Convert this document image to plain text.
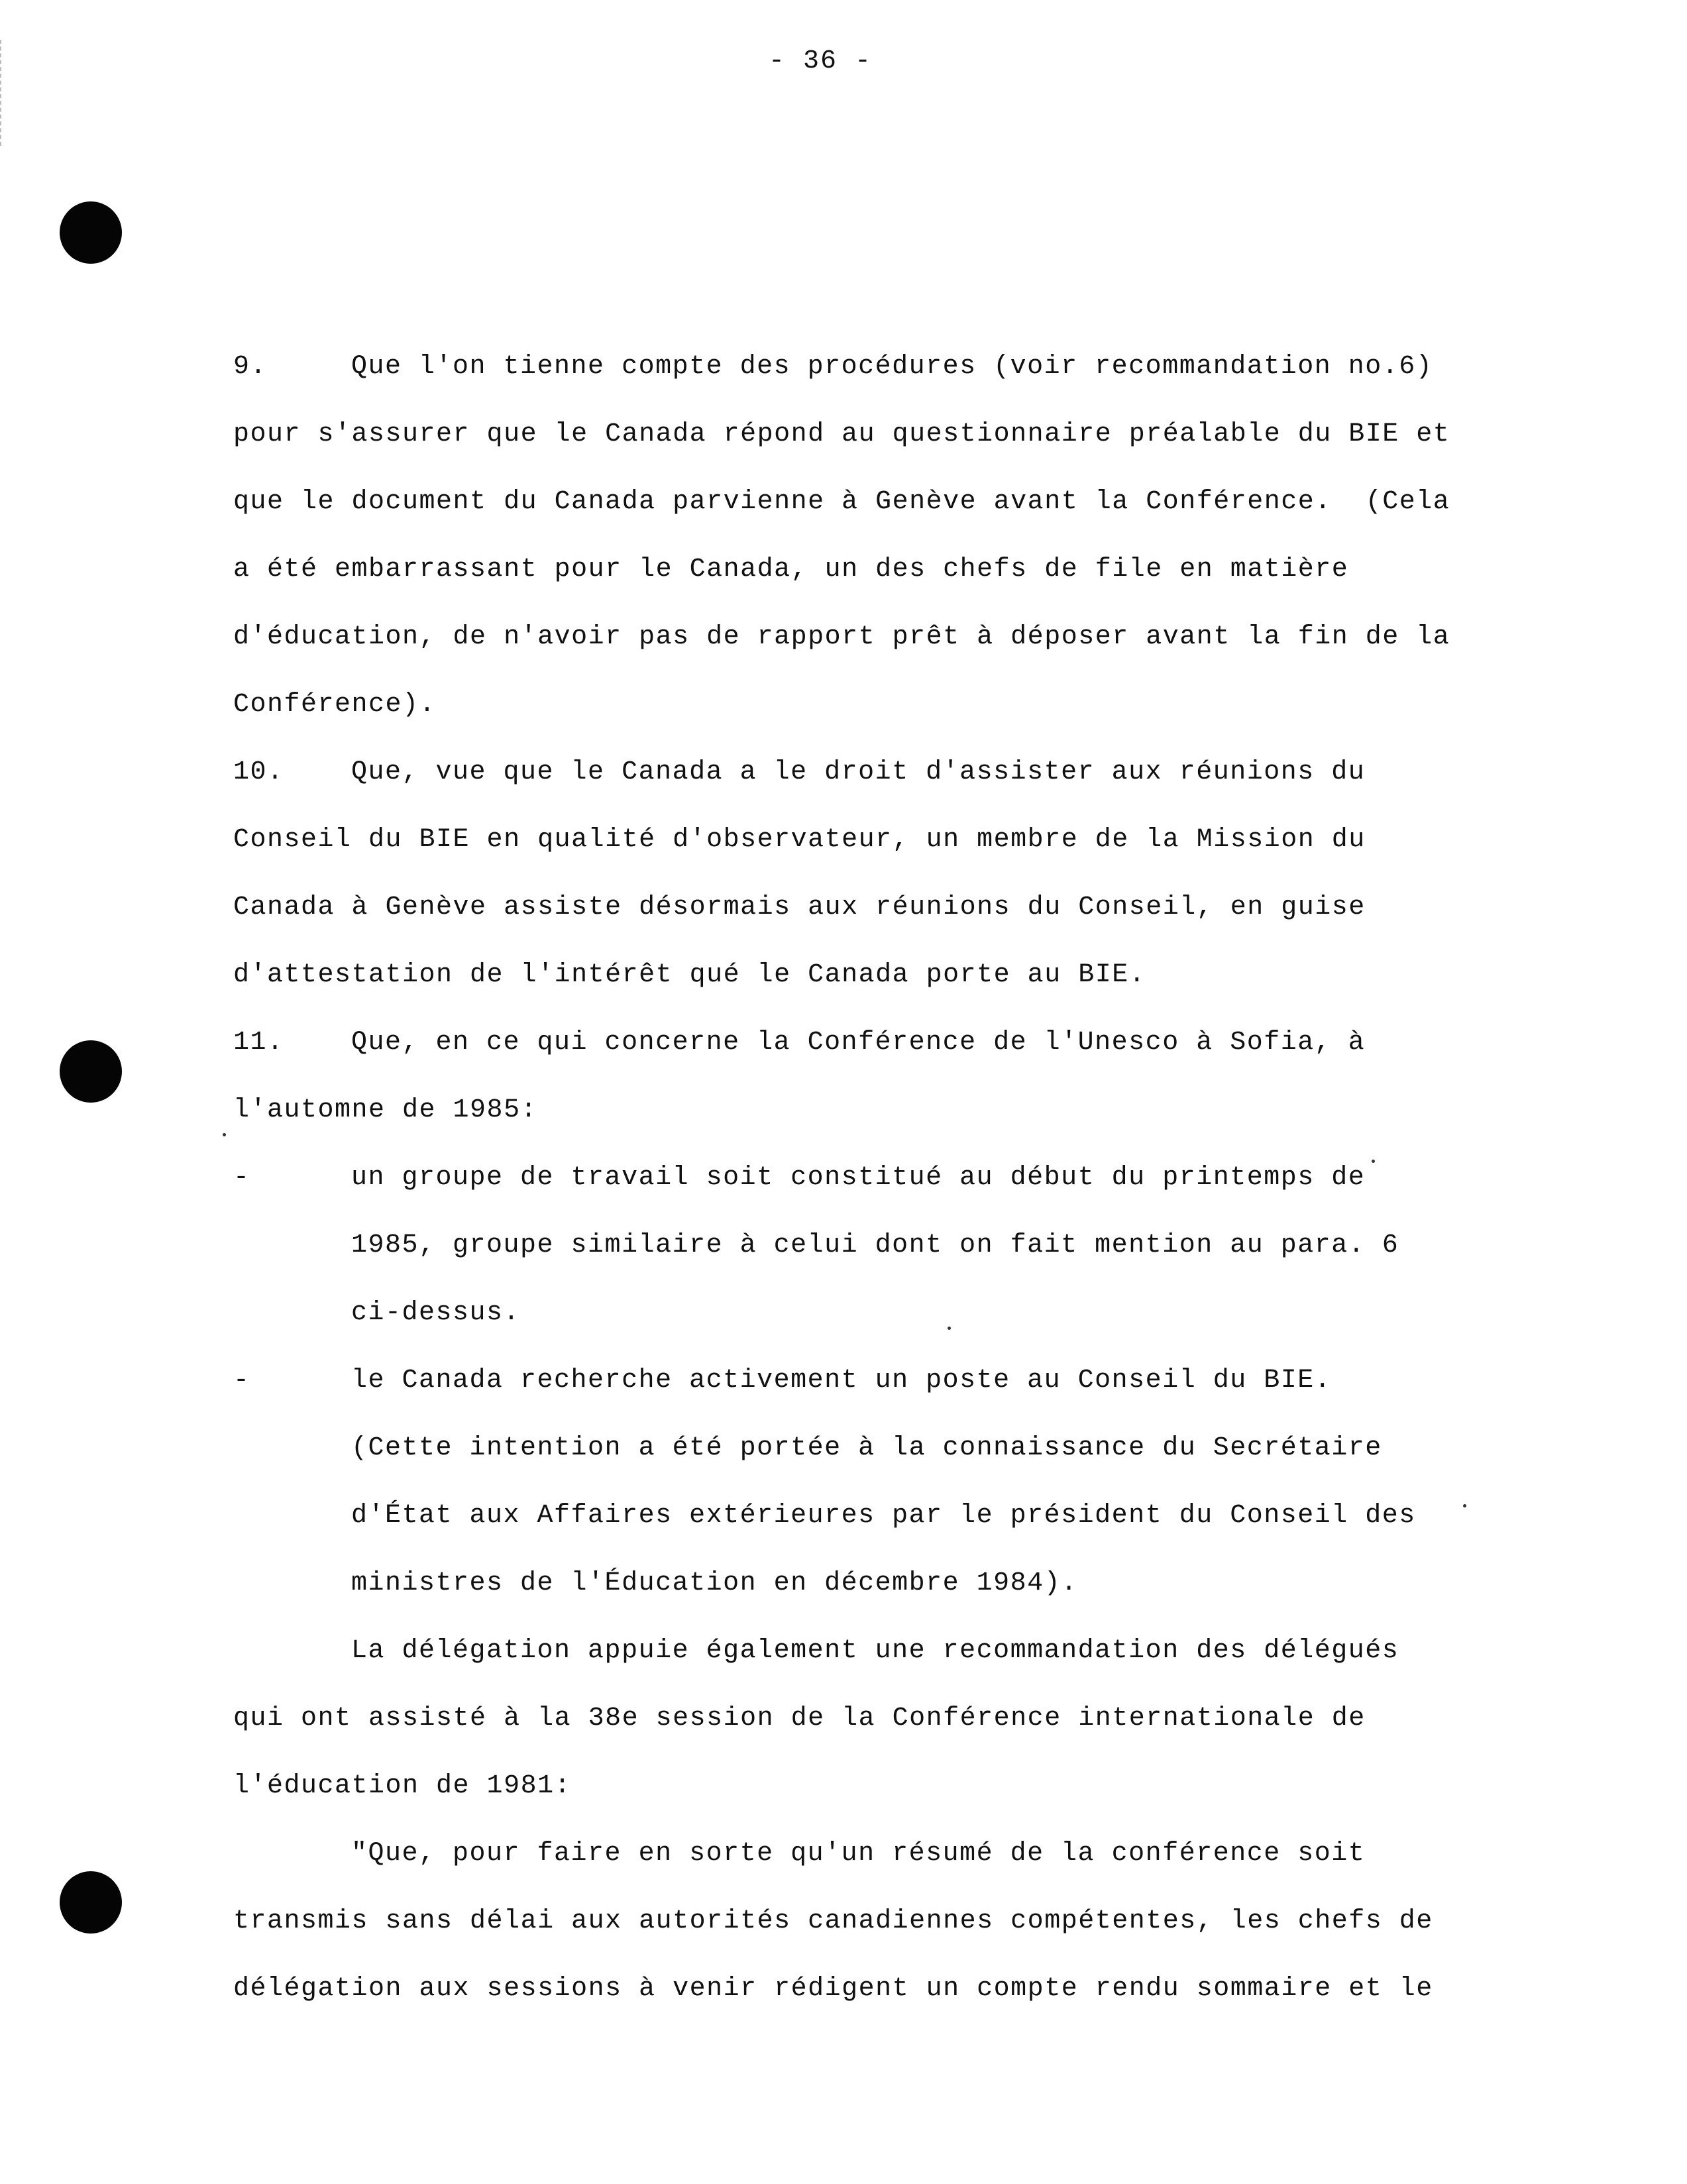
- 36 -
9.	Que l'on tienne compte des procédures (voir recommandation no.6)
pour s'assurer que le Canada répond au questionnaire préalable du BIE et
que le document du Canada parvienne à Genève avant la Conférence.  (Cela
a été embarrassant pour le Canada, un des chefs de file en matière
d'éducation, de n'avoir pas de rapport prêt à déposer avant la fin de la
Conférence).
10.	Que, vue que le Canada a le droit d'assister aux réunions du
Conseil du BIE en qualité d'observateur, un membre de la Mission du
Canada à Genève assiste désormais aux réunions du Conseil, en guise
d'attestation de l'intérêt qué le Canada porte au BIE.
11.	Que, en ce qui concerne la Conférence de l'Unesco à Sofia, à
l'automne de 1985:
-	un groupe de travail soit constitué au début du printemps de
1985, groupe similaire à celui dont on fait mention au para. 6
ci-dessus.
-	le Canada recherche activement un poste au Conseil du BIE.
(Cette intention a été portée à la connaissance du Secrétaire
d'État aux Affaires extérieures par le président du Conseil des
ministres de l'Éducation en décembre 1984).
La délégation appuie également une recommandation des délégués
qui ont assisté à la 38e session de la Conférence internationale de
l'éducation de 1981:
"Que, pour faire en sorte qu'un résumé de la conférence soit
transmis sans délai aux autorités canadiennes compétentes, les chefs de
délégation aux sessions à venir rédigent un compte rendu sommaire et le
